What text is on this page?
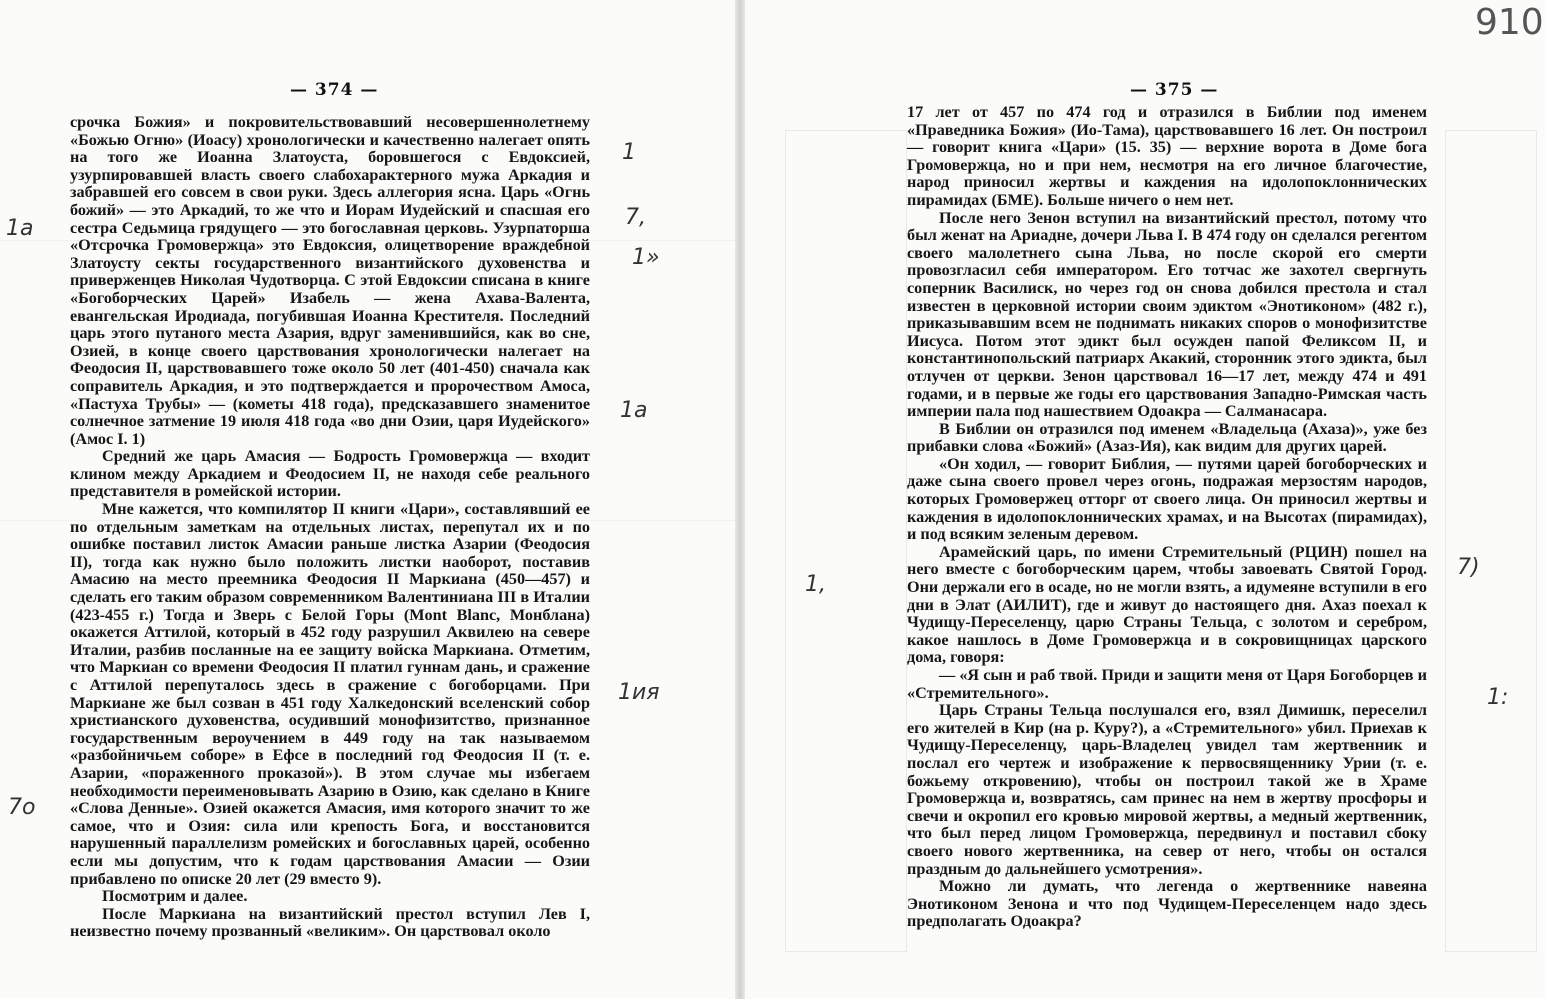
— 374 —

срочка Божия» и покровительствовавший несовершеннолетнему «Божью Огню» (Иоасу) хронологически и качественно налегает опять на того же Иоанна Златоуста, боровшегося с Евдоксией, узурпировавшей власть своего слабохарактерного мужа Аркадия и забравшей его совсем в свои руки. Здесь аллегория ясна. Царь «Огнь божий» — это Аркадий, то же что и Иорам Иудейский и спасшая его сестра Седьмица грядущего — это богославная церковь. Узурпаторша «Отсрочка Громовержца» это Евдоксия, олицетворение враждебной Златоусту секты государственного византийского духовенства и приверженцев Николая Чудотворца. С этой Евдоксии списана в книге «Богоборческих Царей» Изабель — жена Ахава-Валента, евангельская Иродиада, погубившая Иоанна Крестителя. Последний царь этого путаного места Азария, вдруг заменившийся, как во сне, Озией, в конце своего царствования хронологически налегает на Феодосия II, царствовавшего тоже около 50 лет (401-450) сначала как соправитель Аркадия, и это подтверждается и пророчеством Амоса, «Пастуха Трубы» — (кометы 418 года), предсказавшего знаменитое солнечное затмение 19 июля 418 года «во дни Озии, царя Иудейского» (Амос I. 1)

Средний же царь Амасия — Бодрость Громовержца — входит клином между Аркадием и Феодосием II, не находя себе реального представителя в ромейской истории.

Мне кажется, что компилятор II книги «Цари», составлявший ее по отдельным заметкам на отдельных листах, перепутал их и по ошибке поставил листок Амасии раньше листка Азарии (Феодосия II), тогда как нужно было положить листки наоборот, поставив Амасию на место преемника Феодосия II Маркиана (450—457) и сделать его таким образом современником Валентиниана III в Италии (423-455 г.) Тогда и Зверь с Белой Горы (Mont Blanc, Монблана) окажется Аттилой, который в 452 году разрушил Аквилею на севере Италии, разбив посланные на ее защиту войска Маркиана. Отметим, что Маркиан со времени Феодосия II платил гуннам дань, и сражение с Аттилой перепуталось здесь в сражение с богоборцами. При Маркиане же был созван в 451 году Халкедонский вселенский собор христианского духовенства, осудивший монофизитство, признанное государственным вероучением в 449 году на так называемом «разбойничьем соборе» в Ефсе в последний год Феодосия II (т. е. Азарии, «пораженного проказой»). В этом случае мы избегаем необходимости переименовывать Азарию в Озию, как сделано в Книге «Слова Денные». Озией окажется Амасия, имя которого значит то же самое, что и Озия: сила или крепость Бога, и восстановится нарушенный параллелизм ромейских и богославных царей, особенно если мы допустим, что к годам царствования Амасии — Озии прибавлено по описке 20 лет (29 вместо 9).

Посмотрим и далее.

После Маркиана на византийский престол вступил Лев I, неизвестно почему прозванный «великим». Он царствовал около

1а
1
7,
1»
1а
1ия
7о
910
— 375 —

17 лет от 457 по 474 год и отразился в Библии под именем «Праведника Божия» (Ио-Тама), царствовавшего 16 лет. Он построил — говорит книга «Цари» (15. 35) — верхние ворота в Доме бога Громовержца, но и при нем, несмотря на его личное благочестие, народ приносил жертвы и каждения на идолопоклоннических пирамидах (БМЕ). Больше ничего о нем нет.

После него Зенон вступил на византийский престол, потому что был женат на Ариадне, дочери Льва I. В 474 году он сделался регентом своего малолетнего сына Льва, но после скорой его смерти провозгласил себя императором. Его тотчас же захотел свергнуть соперник Василиск, но через год он снова добился престола и стал известен в церковной истории своим эдиктом «Энотиконом» (482 г.), приказывавшим всем не поднимать никаких споров о монофизитстве Иисуса. Потом этот эдикт был осужден папой Феликсом II, и константинопольский патриарх Акакий, сторонник этого эдикта, был отлучен от церкви. Зенон царствовал 16—17 лет, между 474 и 491 годами, и в первые же годы его царствования Западно-Римская часть империи пала под нашествием Одоакра — Салманасара.

В Библии он отразился под именем «Владельца (Ахаза)», уже без прибавки слова «Божий» (Азаз-Ия), как видим для других царей.

«Он ходил, — говорит Библия, — путями царей богоборческих и даже сына своего провел через огонь, подражая мерзостям народов, которых Громовержец отторг от своего лица. Он приносил жертвы и каждения в идолопоклоннических храмах, и на Высотах (пирамидах), и под всяким зеленым деревом.

Арамейский царь, по имени Стремительный (РЦИН) пошел на него вместе с богоборческим царем, чтобы завоевать Святой Город. Они держали его в осаде, но не могли взять, а идумеяне вступили в его дни в Элат (АИЛИТ), где и живут до настоящего дня. Ахаз поехал к Чудищу-Переселенцу, царю Страны Тельца, с золотом и серебром, какое нашлось в Доме Громовержца и в сокровищницах царского дома, говоря:

— «Я сын и раб твой. Приди и защити меня от Царя Богоборцев и «Стремительного».

Царь Страны Тельца послушался его, взял Димишк, переселил его жителей в Кир (на р. Куру?), а «Стремительного» убил. Приехав к Чудищу-Переселенцу, царь-Владелец увидел там жертвенник и послал его чертеж и изображение к первосвященнику Урии (т. е. божьему откровению), чтобы он построил такой же в Храме Громовержца и, возвратясь, сам принес на нем в жертву просфоры и свечи и окропил его кровью мировой жертвы, а медный жертвенник, что был перед лицом Громовержца, передвинул и поставил сбоку своего нового жертвенника, на север от него, чтобы он остался праздным до дальнейшего усмотрения».

Можно ли думать, что легенда о жертвеннике навеяна Энотиконом Зенона и что под Чудищем-Переселенцем надо здесь предполагать Одоакра?

1,
7)
1:
